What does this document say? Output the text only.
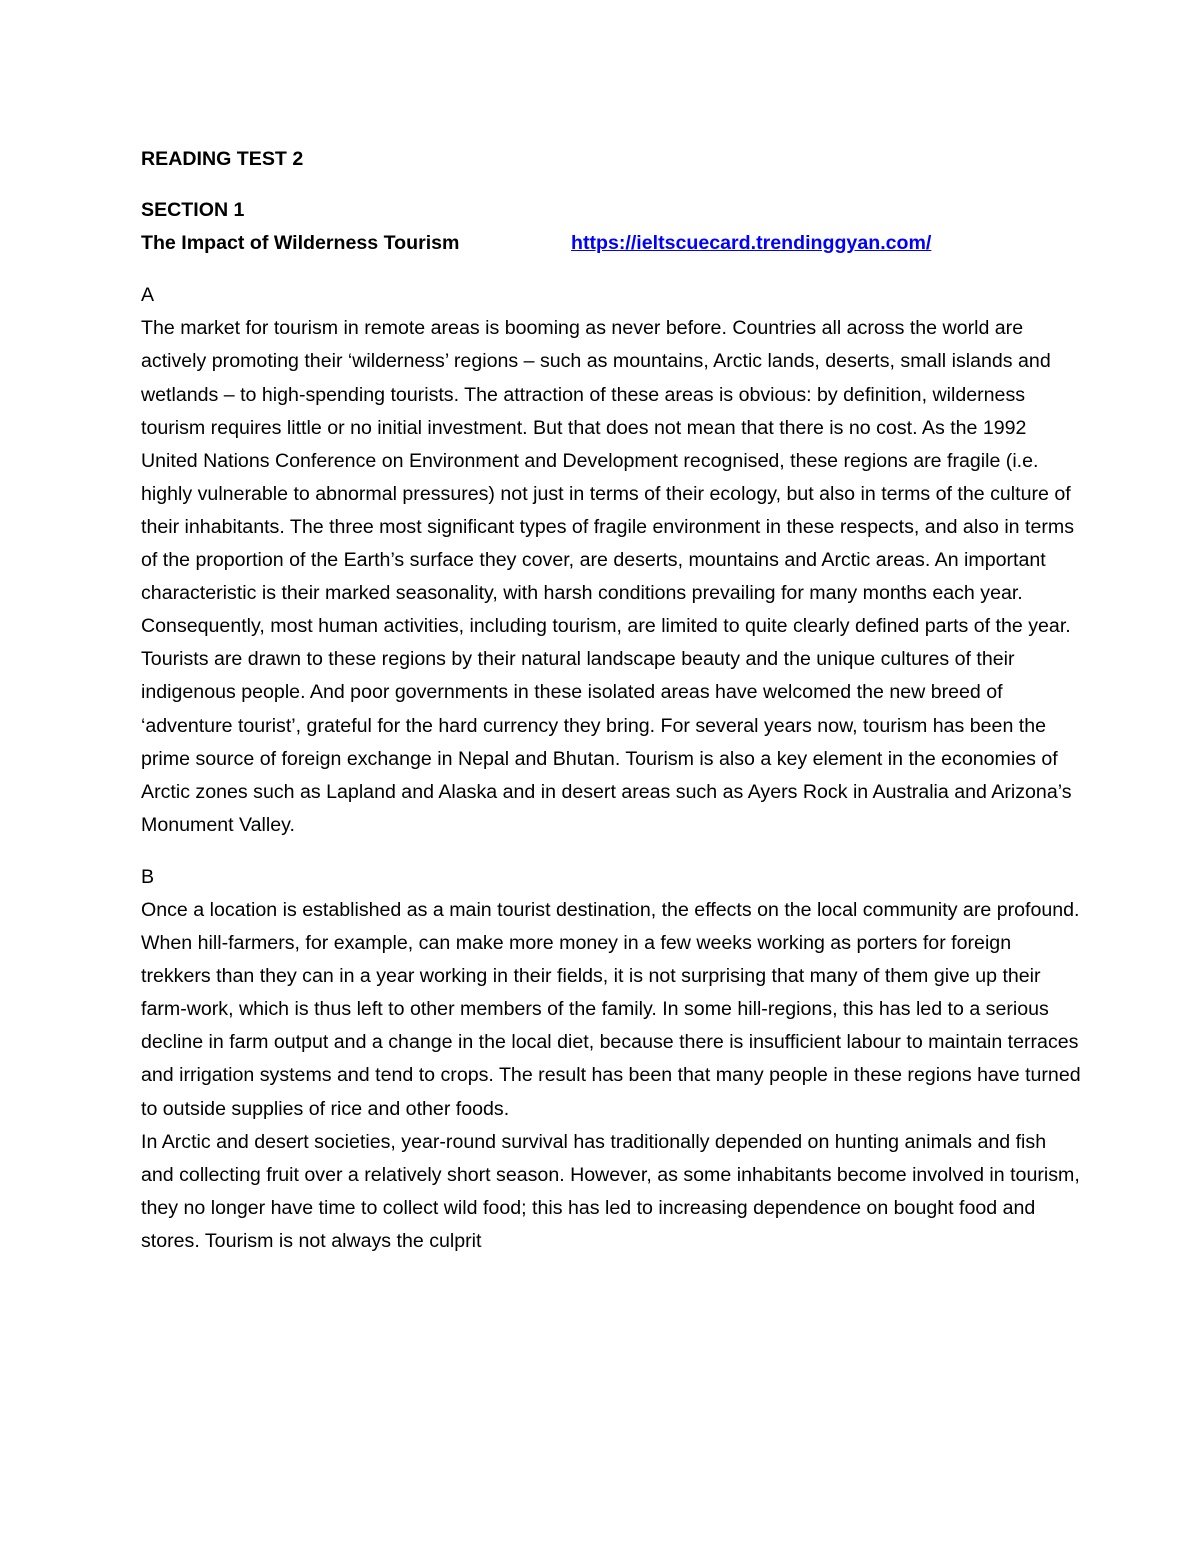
READING TEST 2
SECTION 1
The Impact of Wilderness Tourism	https://ieltscuecard.trendinggyan.com/
A

The market for tourism in remote areas is booming as never before. Countries all across the world are actively promoting their ‘wilderness’ regions – such as mountains, Arctic lands, deserts, small islands and wetlands – to high-spending tourists. The attraction of these areas is obvious: by definition, wilderness tourism requires little or no initial investment. But that does not mean that there is no cost. As the 1992 United Nations Conference on Environment and Development recognised, these regions are fragile (i.e. highly vulnerable to abnormal pressures) not just in terms of their ecology, but also in terms of the culture of their inhabitants. The three most significant types of fragile environment in these respects, and also in terms of the proportion of the Earth’s surface they cover, are deserts, mountains and Arctic areas. An important characteristic is their marked seasonality, with harsh conditions prevailing for many months each year. Consequently, most human activities, including tourism, are limited to quite clearly defined parts of the year.

Tourists are drawn to these regions by their natural landscape beauty and the unique cultures of their indigenous people. And poor governments in these isolated areas have welcomed the new breed of ‘adventure tourist’, grateful for the hard currency they bring. For several years now, tourism has been the prime source of foreign exchange in Nepal and Bhutan. Tourism is also a key element in the economies of Arctic zones such as Lapland and Alaska and in desert areas such as Ayers Rock in Australia and Arizona’s Monument Valley.

B

Once a location is established as a main tourist destination, the effects on the local community are profound. When hill-farmers, for example, can make more money in a few weeks working as porters for foreign trekkers than they can in a year working in their fields, it is not surprising that many of them give up their farm-work, which is thus left to other members of the family. In some hill-regions, this has led to a serious decline in farm output and a change in the local diet, because there is insufficient labour to maintain terraces and irrigation systems and tend to crops. The result has been that many people in these regions have turned to outside supplies of rice and other foods.

In Arctic and desert societies, year-round survival has traditionally depended on hunting animals and fish and collecting fruit over a relatively short season. However, as some inhabitants become involved in tourism, they no longer have time to collect wild food; this has led to increasing dependence on bought food and stores. Tourism is not always the culprit
